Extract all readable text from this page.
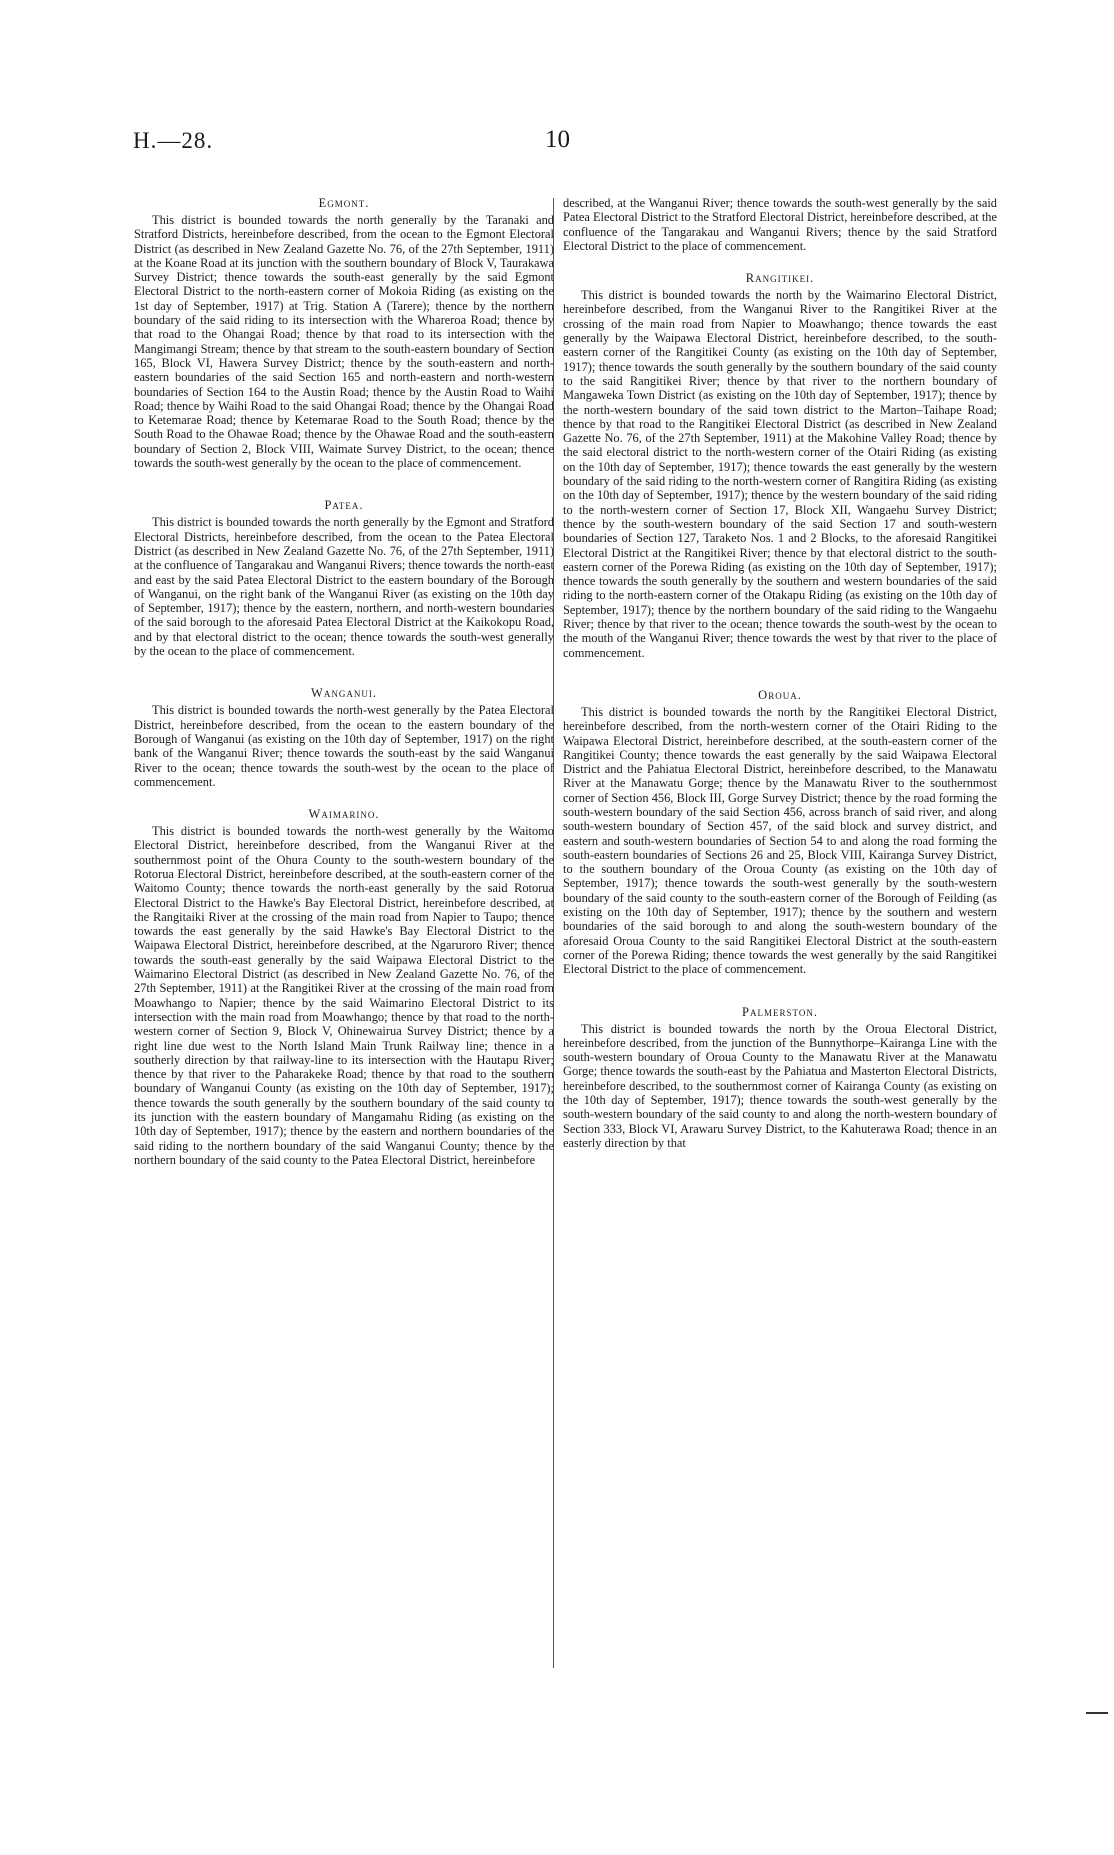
H.—28.	10
Egmont.

This district is bounded towards the north generally by the Taranaki and Stratford Districts, hereinbefore described, from the ocean to the Egmont Electoral District (as described in New Zealand Gazette No. 76, of the 27th September, 1911) at the Koane Road at its junction with the southern boundary of Block V, Taurakawa Survey District; thence towards the south-east generally by the said Egmont Electoral District to the north-eastern corner of Mokoia Riding (as existing on the 1st day of September, 1917) at Trig. Station A (Tarere); thence by the northern boundary of the said riding to its intersection with the Whareroa Road; thence by that road to the Ohangai Road; thence by that road to its intersection with the Mangimangi Stream; thence by that stream to the south-eastern boundary of Section 165, Block VI, Hawera Survey District; thence by the south-eastern and north-eastern boundaries of the said Section 165 and north-eastern and north-western boundaries of Section 164 to the Austin Road; thence by the Austin Road to Waihi Road; thence by Waihi Road to the said Ohangai Road; thence by the Ohangai Road to Ketemarae Road; thence by Ketemarae Road to the South Road; thence by the South Road to the Ohawae Road; thence by the Ohawae Road and the south-eastern boundary of Section 2, Block VIII, Waimate Survey District, to the ocean; thence towards the south-west generally by the ocean to the place of commencement.

Patea.

This district is bounded towards the north generally by the Egmont and Stratford Electoral Districts, hereinbefore described, from the ocean to the Patea Electoral District (as described in New Zealand Gazette No. 76, of the 27th September, 1911) at the confluence of Tangarakau and Wanganui Rivers; thence towards the north-east and east by the said Patea Electoral District to the eastern boundary of the Borough of Wanganui, on the right bank of the Wanganui River (as existing on the 10th day of September, 1917); thence by the eastern, northern, and north-western boundaries of the said borough to the aforesaid Patea Electoral District at the Kaikokopu Road, and by that electoral district to the ocean; thence towards the south-west generally by the ocean to the place of commencement.

Wanganui.

This district is bounded towards the north-west generally by the Patea Electoral District, hereinbefore described, from the ocean to the eastern boundary of the Borough of Wanganui (as existing on the 10th day of September, 1917) on the right bank of the Wanganui River; thence towards the south-east by the said Wanganui River to the ocean; thence towards the south-west by the ocean to the place of commencement.

Waimarino.

This district is bounded towards the north-west generally by the Waitomo Electoral District, hereinbefore described, from the Wanganui River at the southernmost point of the Ohura County to the south-western boundary of the Rotorua Electoral District, hereinbefore described, at the south-eastern corner of the Waitomo County; thence towards the north-east generally by the said Rotorua Electoral District to the Hawke's Bay Electoral District, hereinbefore described, at the Rangitaiki River at the crossing of the main road from Napier to Taupo; thence towards the east generally by the said Hawke's Bay Electoral District to the Waipawa Electoral District, hereinbefore described, at the Ngaruroro River; thence towards the south-east generally by the said Waipawa Electoral District to the Waimarino Electoral District (as described in New Zealand Gazette No. 76, of the 27th September, 1911) at the Rangitikei River at the crossing of the main road from Moawhango to Napier; thence by the said Waimarino Electoral District to its intersection with the main road from Moawhango; thence by that road to the north-western corner of Section 9, Block V, Ohinewairua Survey District; thence by a right line due west to the North Island Main Trunk Railway line; thence in a southerly direction by that railway-line to its intersection with the Hautapu River; thence by that river to the Paharakeke Road; thence by that road to the southern boundary of Wanganui County (as existing on the 10th day of September, 1917); thence towards the south generally by the southern boundary of the said county to its junction with the eastern boundary of Mangamahu Riding (as existing on the 10th day of September, 1917); thence by the eastern and northern boundaries of the said riding to the northern boundary of the said Wanganui County; thence by the northern boundary of the said county to the Patea Electoral District, hereinbefore

described, at the Wanganui River; thence towards the south-west generally by the said Patea Electoral District to the Stratford Electoral District, hereinbefore described, at the confluence of the Tangarakau and Wanganui Rivers; thence by the said Stratford Electoral District to the place of commencement.

Rangitikei.

This district is bounded towards the north by the Waimarino Electoral District, hereinbefore described, from the Wanganui River to the Rangitikei River at the crossing of the main road from Napier to Moawhango; thence towards the east generally by the Waipawa Electoral District, hereinbefore described, to the south-eastern corner of the Rangitikei County (as existing on the 10th day of September, 1917); thence towards the south generally by the southern boundary of the said county to the said Rangitikei River; thence by that river to the northern boundary of Mangaweka Town District (as existing on the 10th day of September, 1917); thence by the north-western boundary of the said town district to the Marton–Taihape Road; thence by that road to the Rangitikei Electoral District (as described in New Zealand Gazette No. 76, of the 27th September, 1911) at the Makohine Valley Road; thence by the said electoral district to the north-western corner of the Otairi Riding (as existing on the 10th day of September, 1917); thence towards the east generally by the western boundary of the said riding to the north-western corner of Rangitira Riding (as existing on the 10th day of September, 1917); thence by the western boundary of the said riding to the north-western corner of Section 17, Block XII, Wangaehu Survey District; thence by the south-western boundary of the said Section 17 and south-western boundaries of Section 127, Taraketo Nos. 1 and 2 Blocks, to the aforesaid Rangitikei Electoral District at the Rangitikei River; thence by that electoral district to the south-eastern corner of the Porewa Riding (as existing on the 10th day of September, 1917); thence towards the south generally by the southern and western boundaries of the said riding to the north-eastern corner of the Otakapu Riding (as existing on the 10th day of September, 1917); thence by the northern boundary of the said riding to the Wangaehu River; thence by that river to the ocean; thence towards the south-west by the ocean to the mouth of the Wanganui River; thence towards the west by that river to the place of commencement.

Oroua.

This district is bounded towards the north by the Rangitikei Electoral District, hereinbefore described, from the north-western corner of the Otairi Riding to the Waipawa Electoral District, hereinbefore described, at the south-eastern corner of the Rangitikei County; thence towards the east generally by the said Waipawa Electoral District and the Pahiatua Electoral District, hereinbefore described, to the Manawatu River at the Manawatu Gorge; thence by the Manawatu River to the southernmost corner of Section 456, Block III, Gorge Survey District; thence by the road forming the south-western boundary of the said Section 456, across branch of said river, and along south-western boundary of Section 457, of the said block and survey district, and eastern and south-western boundaries of Section 54 to and along the road forming the south-eastern boundaries of Sections 26 and 25, Block VIII, Kairanga Survey District, to the southern boundary of the Oroua County (as existing on the 10th day of September, 1917); thence towards the south-west generally by the south-western boundary of the said county to the south-eastern corner of the Borough of Feilding (as existing on the 10th day of September, 1917); thence by the southern and western boundaries of the said borough to and along the south-western boundary of the aforesaid Oroua County to the said Rangitikei Electoral District at the south-eastern corner of the Porewa Riding; thence towards the west generally by the said Rangitikei Electoral District to the place of commencement.

Palmerston.

This district is bounded towards the north by the Oroua Electoral District, hereinbefore described, from the junction of the Bunnythorpe–Kairanga Line with the south-western boundary of Oroua County to the Manawatu River at the Manawatu Gorge; thence towards the south-east by the Pahiatua and Masterton Electoral Districts, hereinbefore described, to the southernmost corner of Kairanga County (as existing on the 10th day of September, 1917); thence towards the south-west generally by the south-western boundary of the said county to and along the north-western boundary of Section 333, Block VI, Arawaru Survey District, to the Kahuterawa Road; thence in an easterly direction by that
